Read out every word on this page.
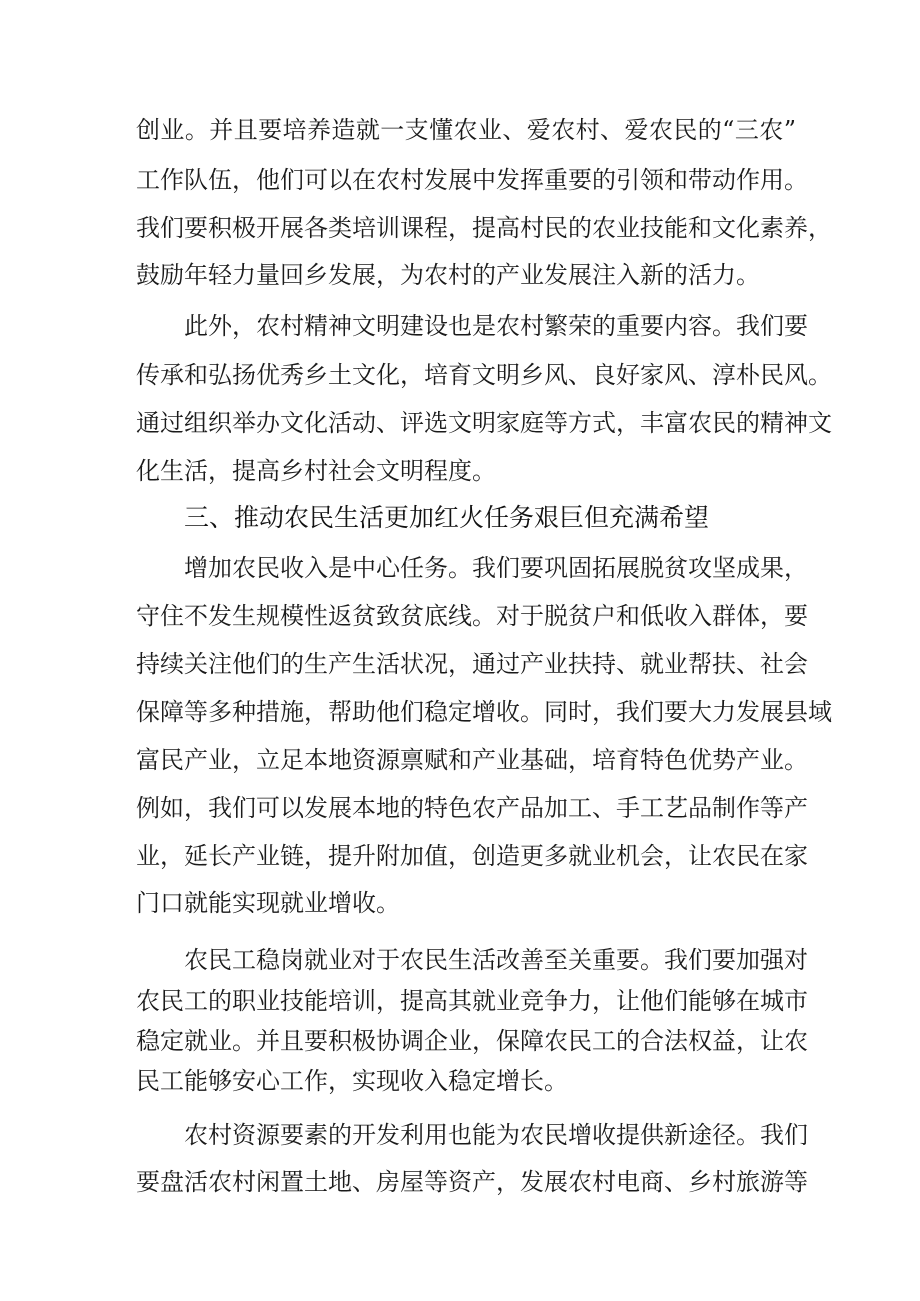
创业。并且要培养造就一支懂农业、爱农村、爱农民的“三农”
工作队伍，他们可以在农村发展中发挥重要的引领和带动作用。
我们要积极开展各类培训课程，提高村民的农业技能和文化素养，
鼓励年轻力量回乡发展，为农村的产业发展注入新的活力。
此外，农村精神文明建设也是农村繁荣的重要内容。我们要
传承和弘扬优秀乡土文化，培育文明乡风、良好家风、淳朴民风。
通过组织举办文化活动、评选文明家庭等方式，丰富农民的精神文
化生活，提高乡村社会文明程度。
三、推动农民生活更加红火任务艰巨但充满希望
增加农民收入是中心任务。我们要巩固拓展脱贫攻坚成果，
守住不发生规模性返贫致贫底线。对于脱贫户和低收入群体，要
持续关注他们的生产生活状况，通过产业扶持、就业帮扶、社会
保障等多种措施，帮助他们稳定增收。同时，我们要大力发展县域
富民产业，立足本地资源禀赋和产业基础，培育特色优势产业。
例如，我们可以发展本地的特色农产品加工、手工艺品制作等产
业，延长产业链，提升附加值，创造更多就业机会，让农民在家
门口就能实现就业增收。
农民工稳岗就业对于农民生活改善至关重要。我们要加强对
农民工的职业技能培训，提高其就业竞争力，让他们能够在城市
稳定就业。并且要积极协调企业，保障农民工的合法权益，让农
民工能够安心工作，实现收入稳定增长。
农村资源要素的开发利用也能为农民增收提供新途径。我们
要盘活农村闲置土地、房屋等资产，发展农村电商、乡村旅游等
